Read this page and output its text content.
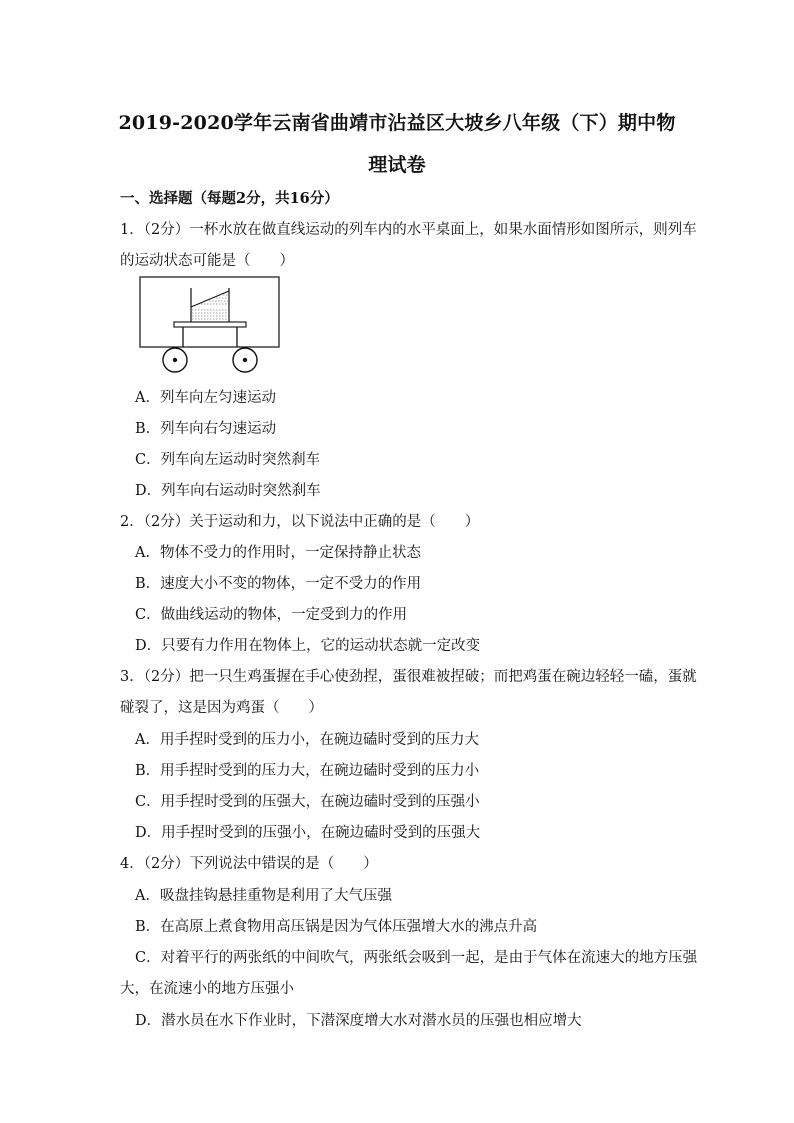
2019-2020学年云南省曲靖市沾益区大坡乡八年级（下）期中物
理试卷
一、选择题（每题2分，共16分）
1．（2分）一杯水放在做直线运动的列车内的水平桌面上，如果水面情形如图所示，则列车
的运动状态可能是（　　）
A．列车向左匀速运动
B．列车向右匀速运动
C．列车向左运动时突然刹车
D．列车向右运动时突然刹车
2．（2分）关于运动和力，以下说法中正确的是（　　）
A．物体不受力的作用时，一定保持静止状态
B．速度大小不变的物体，一定不受力的作用
C．做曲线运动的物体，一定受到力的作用
D．只要有力作用在物体上，它的运动状态就一定改变
3．（2分）把一只生鸡蛋握在手心使劲捏，蛋很难被捏破；而把鸡蛋在碗边轻轻一磕，蛋就
碰裂了，这是因为鸡蛋（　　）
A．用手捏时受到的压力小，在碗边磕时受到的压力大
B．用手捏时受到的压力大，在碗边磕时受到的压力小
C．用手捏时受到的压强大，在碗边磕时受到的压强小
D．用手捏时受到的压强小，在碗边磕时受到的压强大
4．（2分）下列说法中错误的是（　　）
A．吸盘挂钩悬挂重物是利用了大气压强
B．在高原上煮食物用高压锅是因为气体压强增大水的沸点升高
C．对着平行的两张纸的中间吹气，两张纸会吸到一起，是由于气体在流速大的地方压强
大，在流速小的地方压强小
D．潜水员在水下作业时，下潜深度增大水对潜水员的压强也相应增大
